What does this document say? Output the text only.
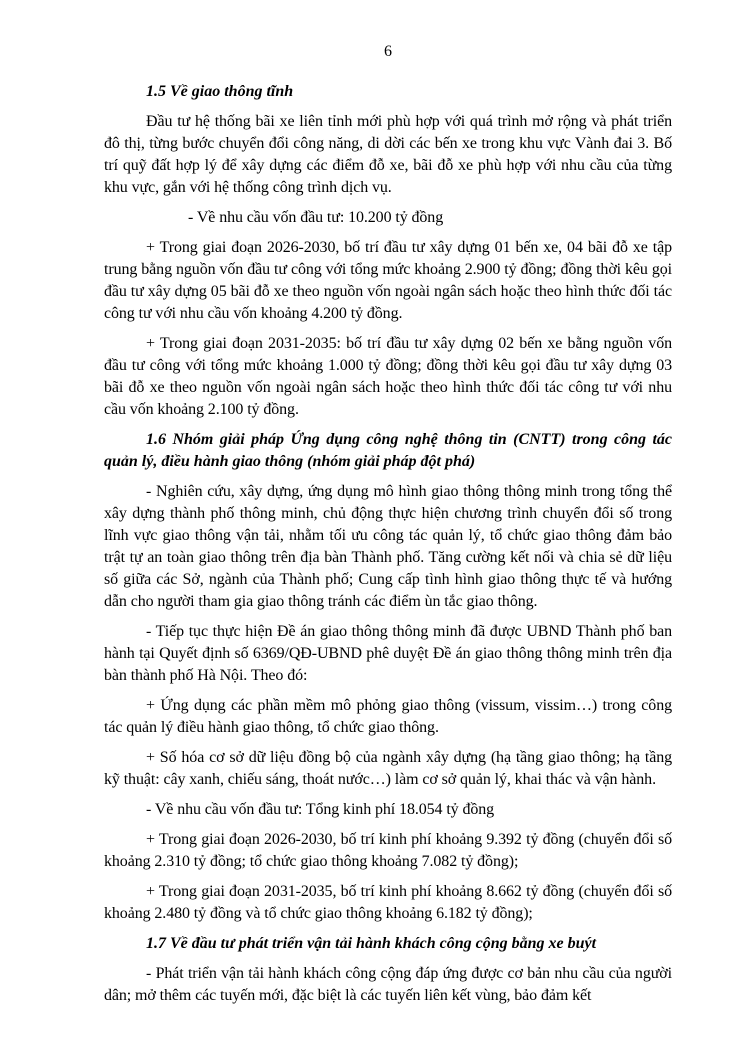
6
1.5 Về giao thông tĩnh
Đầu tư hệ thống bãi xe liên tỉnh mới phù hợp với quá trình mở rộng và phát triển đô thị, từng bước chuyển đổi công năng, di dời các bến xe trong khu vực Vành đai 3. Bố trí quỹ đất hợp lý để xây dựng các điểm đỗ xe, bãi đỗ xe phù hợp với nhu cầu của từng khu vực, gắn với hệ thống công trình dịch vụ.
- Về nhu cầu vốn đầu tư: 10.200 tỷ đồng
+ Trong giai đoạn 2026-2030, bố trí đầu tư xây dựng 01 bến xe, 04 bãi đỗ xe tập trung bằng nguồn vốn đầu tư công với tổng mức khoảng 2.900 tỷ đồng; đồng thời kêu gọi đầu tư xây dựng 05 bãi đỗ xe theo nguồn vốn ngoài ngân sách hoặc theo hình thức đối tác công tư với nhu cầu vốn khoảng 4.200 tỷ đồng.
+ Trong giai đoạn 2031-2035: bố trí đầu tư xây dựng 02 bến xe bằng nguồn vốn đầu tư công với tổng mức khoảng 1.000 tỷ đồng; đồng thời kêu gọi đầu tư xây dựng 03 bãi đỗ xe theo nguồn vốn ngoài ngân sách hoặc theo hình thức đối tác công tư với nhu cầu vốn khoảng 2.100 tỷ đồng.
1.6 Nhóm giải pháp Ứng dụng công nghệ thông tin (CNTT) trong công tác quản lý, điều hành giao thông (nhóm giải pháp đột phá)
- Nghiên cứu, xây dựng, ứng dụng mô hình giao thông thông minh trong tổng thể xây dựng thành phố thông minh, chủ động thực hiện chương trình chuyển đổi số trong lĩnh vực giao thông vận tải, nhằm tối ưu công tác quản lý, tổ chức giao thông đảm bảo trật tự an toàn giao thông trên địa bàn Thành phố. Tăng cường kết nối và chia sẻ dữ liệu số giữa các Sở, ngành của Thành phố; Cung cấp tình hình giao thông thực tế và hướng dẫn cho người tham gia giao thông tránh các điểm ùn tắc giao thông.
- Tiếp tục thực hiện Đề án giao thông thông minh đã được UBND Thành phố ban hành tại Quyết định số 6369/QĐ-UBND phê duyệt Đề án giao thông thông minh trên địa bàn thành phố Hà Nội. Theo đó:
+ Ứng dụng các phần mềm mô phỏng giao thông (vissum, vissim…) trong công tác quản lý điều hành giao thông, tổ chức giao thông.
+ Số hóa cơ sở dữ liệu đồng bộ của ngành xây dựng (hạ tầng giao thông; hạ tầng kỹ thuật: cây xanh, chiếu sáng, thoát nước…) làm cơ sở quản lý, khai thác và vận hành.
- Về nhu cầu vốn đầu tư: Tổng kinh phí 18.054 tỷ đồng
+ Trong giai đoạn 2026-2030, bố trí kinh phí khoảng 9.392 tỷ đồng (chuyển đổi số khoảng 2.310 tỷ đồng; tổ chức giao thông khoảng 7.082 tỷ đồng);
+ Trong giai đoạn 2031-2035, bố trí kinh phí khoảng 8.662 tỷ đồng (chuyển đổi số khoảng 2.480 tỷ đồng và tổ chức giao thông khoảng 6.182 tỷ đồng);
1.7 Về đầu tư phát triển vận tải hành khách công cộng bằng xe buýt
- Phát triển vận tải hành khách công cộng đáp ứng được cơ bản nhu cầu của người dân; mở thêm các tuyến mới, đặc biệt là các tuyến liên kết vùng, bảo đảm kết
